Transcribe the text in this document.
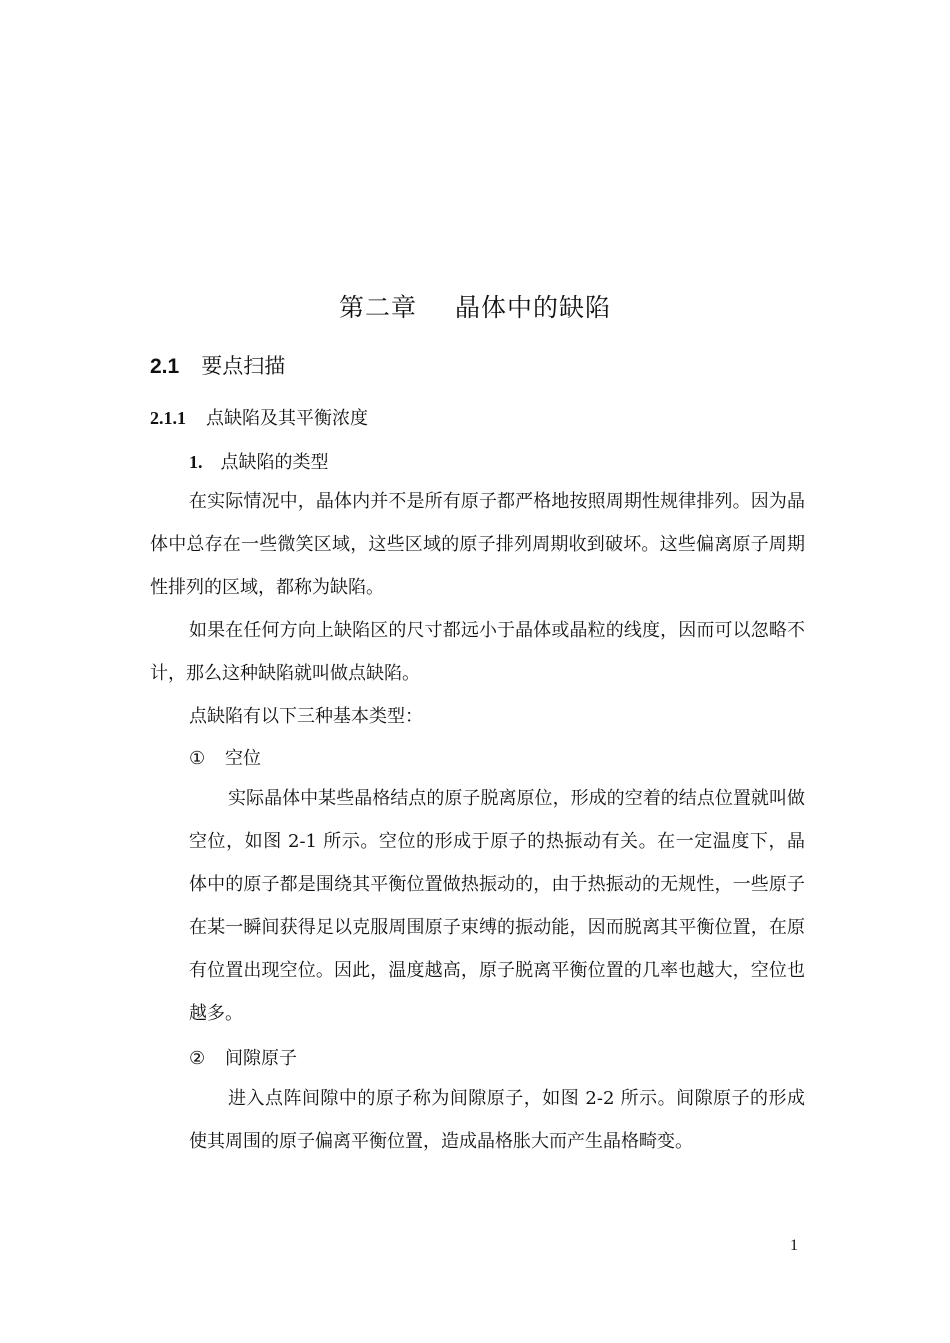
第二章 晶体中的缺陷
2.1 要点扫描
2.1.1 点缺陷及其平衡浓度
1. 点缺陷的类型

在实际情况中，晶体内并不是所有原子都严格地按照周期性规律排列。因为晶体中总存在一些微笑区域，这些区域的原子排列周期收到破坏。这些偏离原子周期性排列的区域，都称为缺陷。

如果在任何方向上缺陷区的尺寸都远小于晶体或晶粒的线度，因而可以忽略不计，那么这种缺陷就叫做点缺陷。

点缺陷有以下三种基本类型：

① 空位

实际晶体中某些晶格结点的原子脱离原位，形成的空着的结点位置就叫做空位，如图 2-1 所示。空位的形成于原子的热振动有关。在一定温度下，晶体中的原子都是围绕其平衡位置做热振动的，由于热振动的无规性，一些原子在某一瞬间获得足以克服周围原子束缚的振动能，因而脱离其平衡位置，在原有位置出现空位。因此，温度越高，原子脱离平衡位置的几率也越大，空位也越多。

② 间隙原子

进入点阵间隙中的原子称为间隙原子，如图 2-2 所示。间隙原子的形成使其周围的原子偏离平衡位置，造成晶格胀大而产生晶格畸变。

1
